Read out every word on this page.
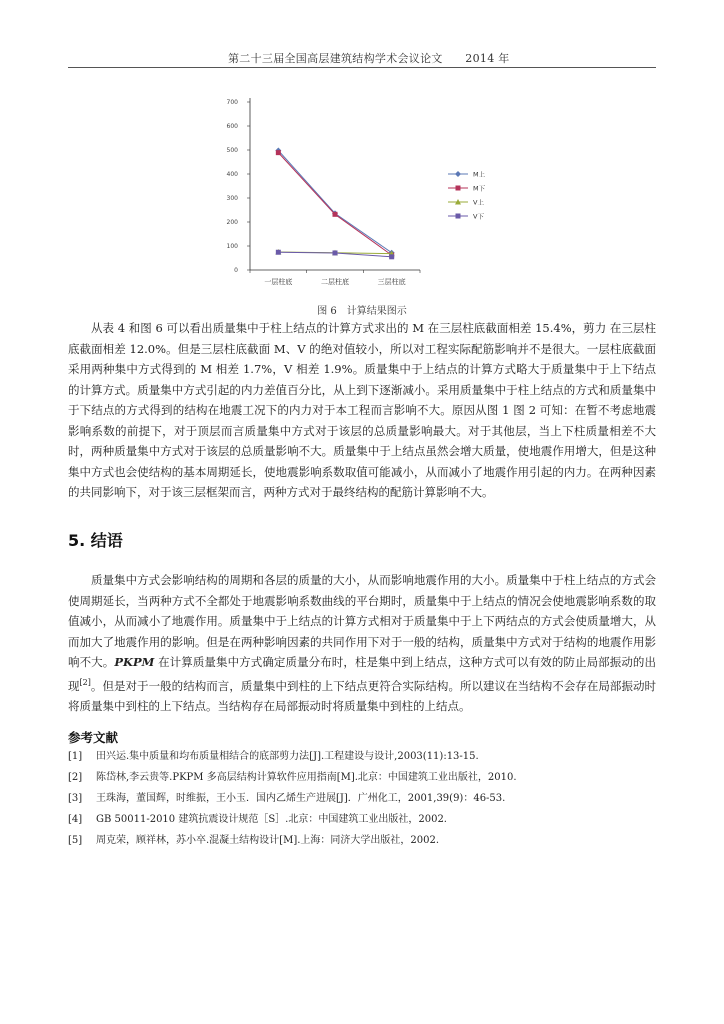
第二十三届全国高层建筑结构学术会议论文　　2014 年
0
100
200
300
400
500
600
700
一层柱底	二层柱底	三层柱底
M上
M下
V上
V下
图 6　计算结果图示
从表 4 和图 6 可以看出质量集中于柱上结点的计算方式求出的 M 在三层柱底截面相差 15.4%，剪力 在三层柱底截面相差 12.0%。但是三层柱底截面 M、V 的绝对值较小，所以对工程实际配筋影响并不是很大。一层柱底截面采用两种集中方式得到的 M 相差 1.7%，V 相差 1.9%。质量集中于上结点的计算方式略大于质量集中于上下结点的计算方式。质量集中方式引起的内力差值百分比，从上到下逐渐减小。采用质量集中于柱上结点的方式和质量集中于下结点的方式得到的结构在地震工况下的内力对于本工程而言影响不大。原因从图 1 图 2 可知：在暂不考虑地震影响系数的前提下，对于顶层而言质量集中方式对于该层的总质量影响最大。对于其他层，当上下柱质量相差不大时，两种质量集中方式对于该层的总质量影响不大。质量集中于上结点虽然会增大质量，使地震作用增大，但是这种集中方式也会使结构的基本周期延长，使地震影响系数取值可能减小，从而减小了地震作用引起的内力。在两种因素的共同影响下，对于该三层框架而言，两种方式对于最终结构的配筋计算影响不大。
5. 结语
质量集中方式会影响结构的周期和各层的质量的大小，从而影响地震作用的大小。质量集中于柱上结点的方式会使周期延长，当两种方式不全都处于地震影响系数曲线的平台期时，质量集中于上结点的情况会使地震影响系数的取值减小，从而减小了地震作用。质量集中于上结点的计算方式相对于质量集中于上下两结点的方式会使质量增大，从而加大了地震作用的影响。但是在两种影响因素的共同作用下对于一般的结构，质量集中方式对于结构的地震作用影响不大。PKPM 在计算质量集中方式确定质量分布时，柱是集中到上结点，这种方式可以有效的防止局部振动的出现[2]。但是对于一般的结构而言，质量集中到柱的上下结点更符合实际结构。所以建议在当结构不会存在局部振动时将质量集中到柱的上下结点。当结构存在局部振动时将质量集中到柱的上结点。
参考文献
[1]	田兴运.集中质量和均布质量相结合的底部剪力法[J].工程建设与设计,2003(11):13-15.
[2]	陈岱林,李云贵等.PKPM 多高层结构计算软件应用指南[M].北京：中国建筑工业出版社，2010.
[3]	王珠海，董国辉，时维振，王小玉．国内乙烯生产进展[J]．广州化工，2001,39(9)：46-53.
[4]	GB 50011-2010 建筑抗震设计规范［S］.北京：中国建筑工业出版社，2002.
[5]	周克荣，顾祥林，苏小卒.混凝土结构设计[M].上海：同济大学出版社，2002.
